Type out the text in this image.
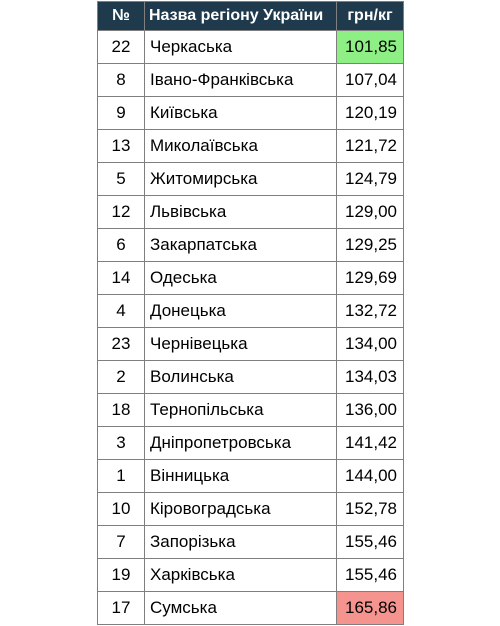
№	Назва регіону України	грн/кг
22	Черкаська	101,85
8	Івано-Франківська	107,04
9	Київська	120,19
13	Миколаївська	121,72
5	Житомирська	124,79
12	Львівська	129,00
6	Закарпатська	129,25
14	Одеська	129,69
4	Донецька	132,72
23	Чернівецька	134,00
2	Волинська	134,03
18	Тернопільська	136,00
3	Дніпропетровська	141,42
1	Вінницька	144,00
10	Кіровоградська	152,78
7	Запорізька	155,46
19	Харківська	155,46
17	Сумська	165,86
